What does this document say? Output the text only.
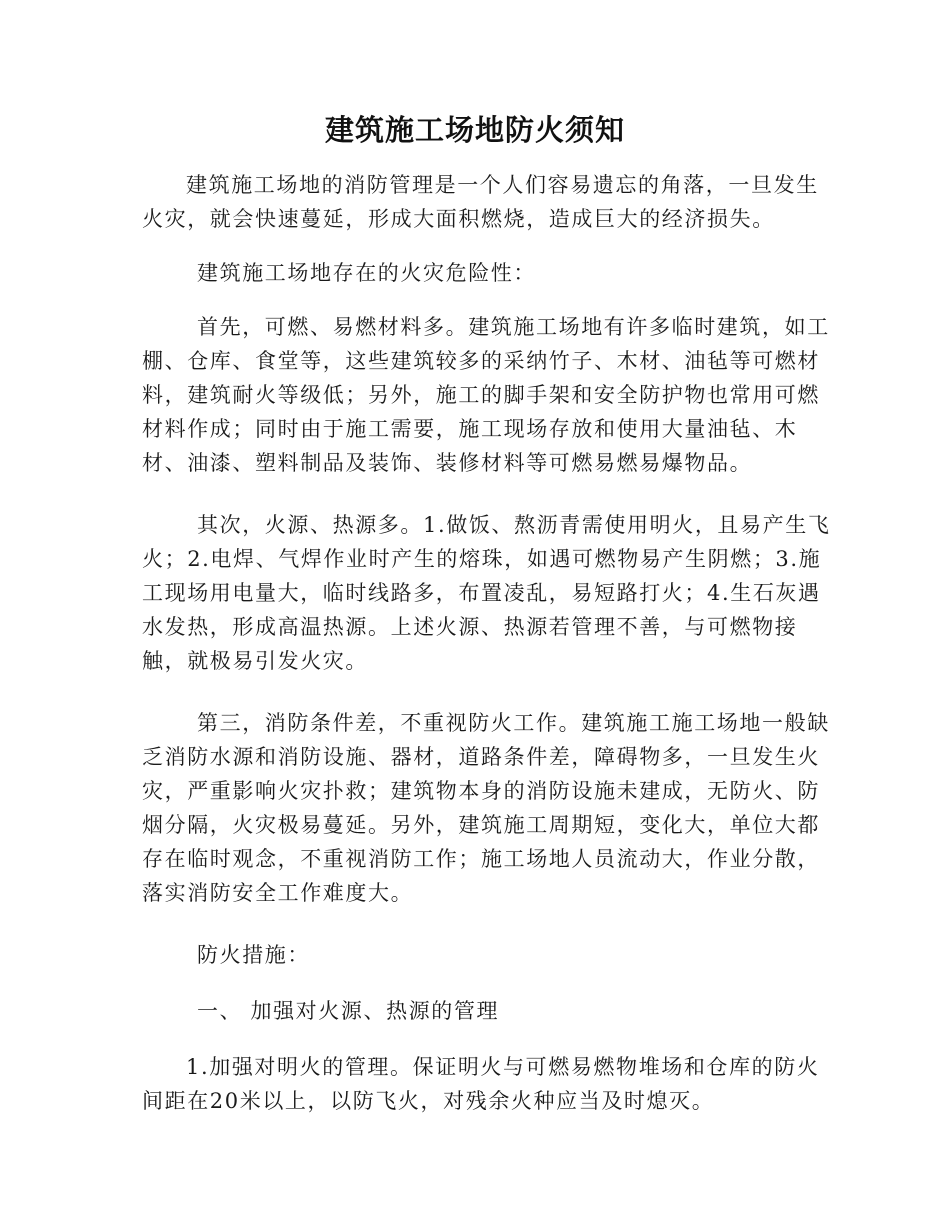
建筑施工场地防火须知
建筑施工场地的消防管理是一个人们容易遗忘的角落，一旦发生
火灾，就会快速蔓延，形成大面积燃烧，造成巨大的经济损失。
建筑施工场地存在的火灾危险性：
首先，可燃、易燃材料多。建筑施工场地有许多临时建筑，如工
棚、仓库、食堂等，这些建筑较多的采纳竹子、木材、油毡等可燃材
料，建筑耐火等级低；另外，施工的脚手架和安全防护物也常用可燃
材料作成；同时由于施工需要，施工现场存放和使用大量油毡、木
材、油漆、塑料制品及装饰、装修材料等可燃易燃易爆物品。
其次，火源、热源多。1.做饭、熬沥青需使用明火，且易产生飞
火；2.电焊、气焊作业时产生的熔珠，如遇可燃物易产生阴燃；3.施
工现场用电量大，临时线路多，布置凌乱，易短路打火；4.生石灰遇
水发热，形成高温热源。上述火源、热源若管理不善，与可燃物接
触，就极易引发火灾。
第三，消防条件差，不重视防火工作。建筑施工施工场地一般缺
乏消防水源和消防设施、器材，道路条件差，障碍物多，一旦发生火
灾，严重影响火灾扑救；建筑物本身的消防设施未建成，无防火、防
烟分隔，火灾极易蔓延。另外，建筑施工周期短，变化大，单位大都
存在临时观念，不重视消防工作；施工场地人员流动大，作业分散，
落实消防安全工作难度大。
防火措施：
一、 加强对火源、热源的管理
1.加强对明火的管理。保证明火与可燃易燃物堆场和仓库的防火
间距在20米以上，以防飞火，对残余火种应当及时熄灭。
